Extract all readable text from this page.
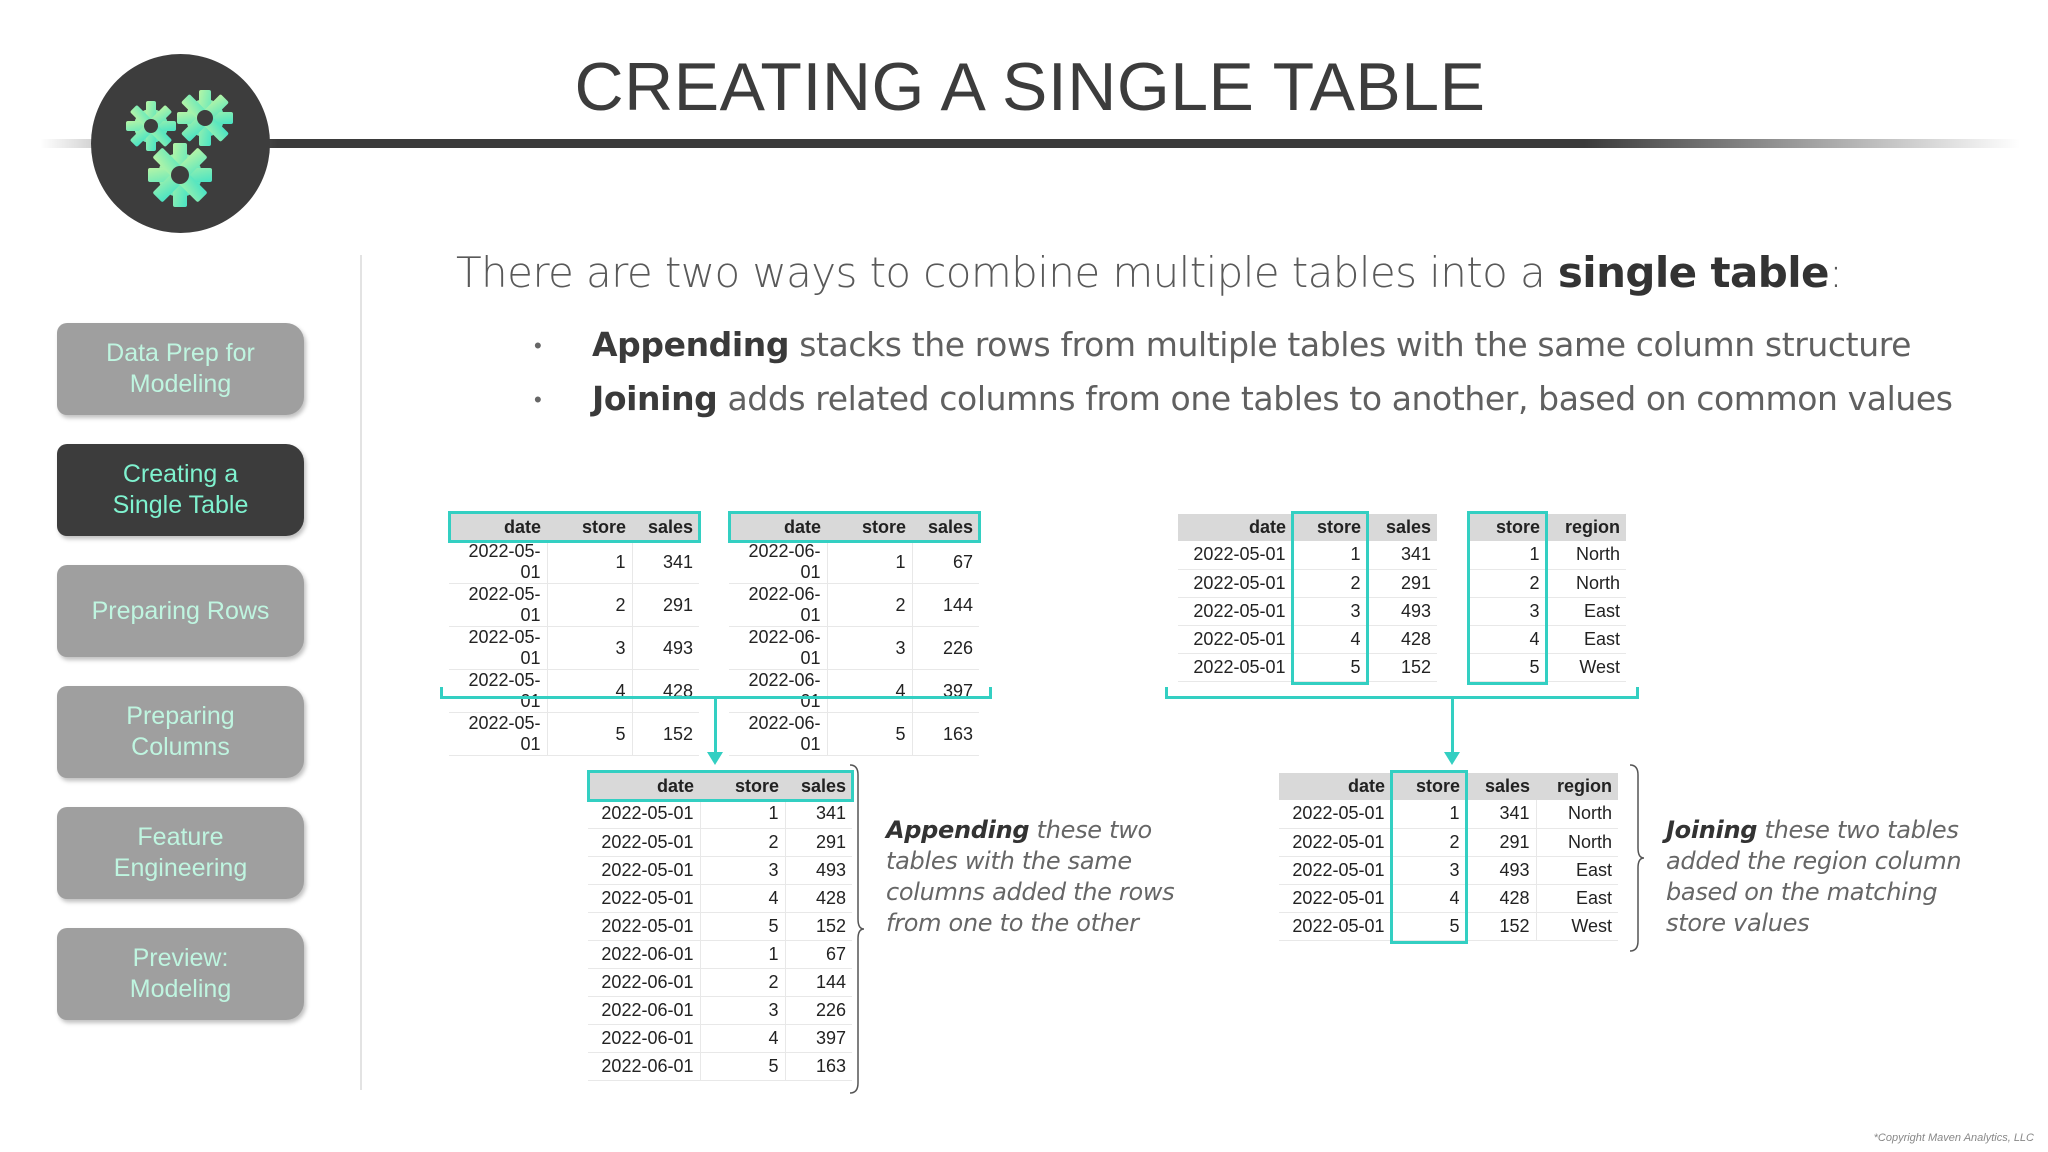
CREATING A SINGLE TABLE
Data Prep for Modeling
Creating a Single Table
Preparing Rows
Preparing Columns
Feature Engineering
Preview: Modeling
There are two ways to combine multiple tables into a single table:
• Appending stacks the rows from multiple tables with the same column structure
• Joining adds related columns from one tables to another, based on common values
date	store	sales
2022-05-01	1	341
2022-05-01	2	291
2022-05-01	3	493
2022-05-01	4	428
2022-05-01	5	152
date	store	sales
2022-06-01	1	67
2022-06-01	2	144
2022-06-01	3	226
2022-06-01	4	397
2022-06-01	5	163
date	store	sales
2022-05-01	1	341
2022-05-01	2	291
2022-05-01	3	493
2022-05-01	4	428
2022-05-01	5	152
2022-06-01	1	67
2022-06-01	2	144
2022-06-01	3	226
2022-06-01	4	397
2022-06-01	5	163
date	store	sales
2022-05-01	1	341
2022-05-01	2	291
2022-05-01	3	493
2022-05-01	4	428
2022-05-01	5	152
store	region
1	North
2	North
3	East
4	East
5	West
date	store	sales	region
2022-05-01	1	341	North
2022-05-01	2	291	North
2022-05-01	3	493	East
2022-05-01	4	428	East
2022-05-01	5	152	West
Appending these two tables with the same columns added the rows from one to the other
Joining these two tables added the region column based on the matching store values
*Copyright Maven Analytics, LLC
